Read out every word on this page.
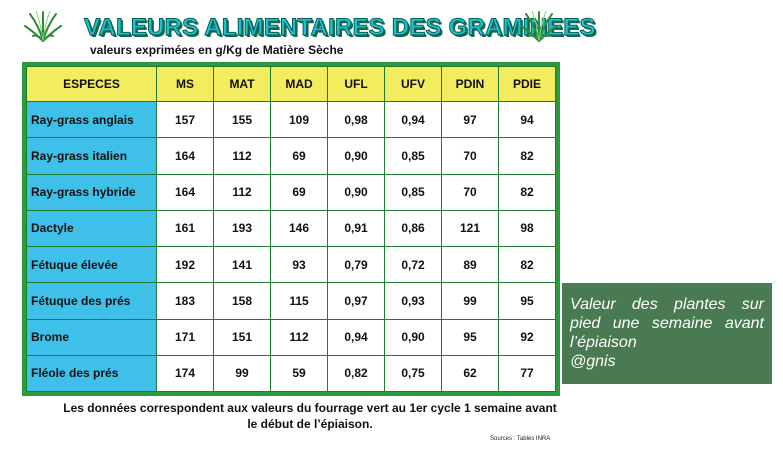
VALEURS ALIMENTAIRES DES GRAMINEES
valeurs exprimées en g/Kg de Matière Sèche
ESPECES	MS	MAT	MAD	UFL	UFV	PDIN	PDIE
Ray-grass anglais	157	155	109	0,98	0,94	97	94
Ray-grass italien	164	112	69	0,90	0,85	70	82
Ray-grass hybride	164	112	69	0,90	0,85	70	82
Dactyle	161	193	146	0,91	0,86	121	98
Fétuque élevée	192	141	93	0,79	0,72	89	82
Fétuque des prés	183	158	115	0,97	0,93	99	95
Brome	171	151	112	0,94	0,90	95	92
Fléole des prés	174	99	59	0,82	0,75	62	77
Les données correspondent aux valeurs du fourrage vert au 1er cycle 1 semaine avant
le début de l’épiaison.
Sources : Tables INRA
Valeur des plantes sur
pied une semaine avant
l’épiaison
@gnis
